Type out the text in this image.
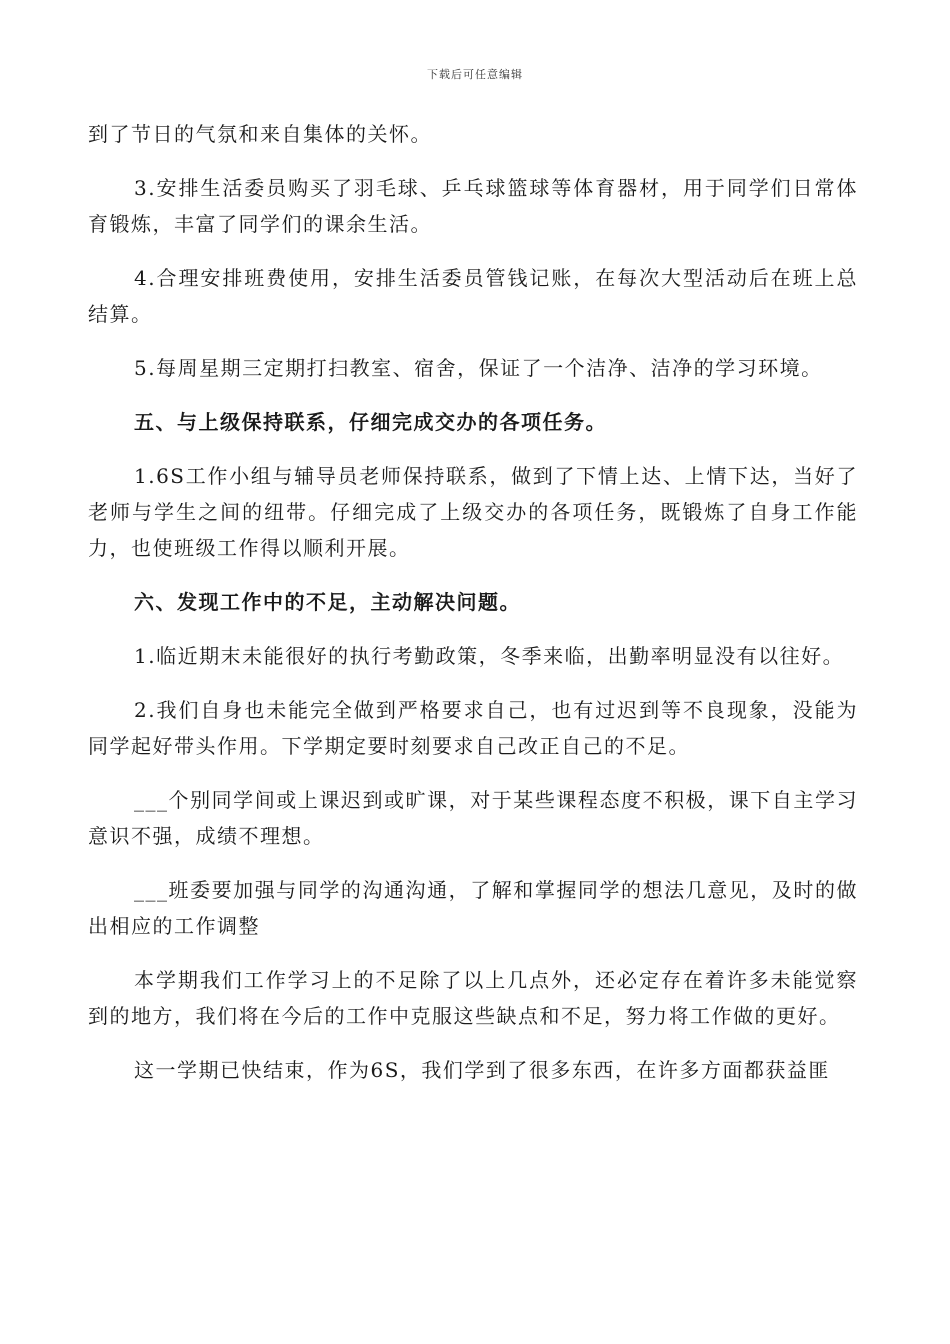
下载后可任意编辑

到了节日的气氛和来自集体的关怀。

3.安排生活委员购买了羽毛球、乒乓球篮球等体育器材，用于同学们日常体育锻炼，丰富了同学们的课余生活。

4.合理安排班费使用，安排生活委员管钱记账，在每次大型活动后在班上总结算。

5.每周星期三定期打扫教室、宿舍，保证了一个洁净、洁净的学习环境。

五、与上级保持联系，仔细完成交办的各项任务。

1.6S工作小组与辅导员老师保持联系，做到了下情上达、上情下达，当好了老师与学生之间的纽带。仔细完成了上级交办的各项任务，既锻炼了自身工作能力，也使班级工作得以顺利开展。

六、发现工作中的不足，主动解决问题。

1.临近期末未能很好的执行考勤政策，冬季来临，出勤率明显没有以往好。

2.我们自身也未能完全做到严格要求自己，也有过迟到等不良现象，没能为同学起好带头作用。下学期定要时刻要求自己改正自己的不足。

___个别同学间或上课迟到或旷课，对于某些课程态度不积极，课下自主学习意识不强，成绩不理想。

___班委要加强与同学的沟通沟通，了解和掌握同学的想法几意见，及时的做出相应的工作调整

本学期我们工作学习上的不足除了以上几点外，还必定存在着许多未能觉察到的地方，我们将在今后的工作中克服这些缺点和不足，努力将工作做的更好。

这一学期已快结束，作为6S，我们学到了很多东西，在许多方面都获益匪
